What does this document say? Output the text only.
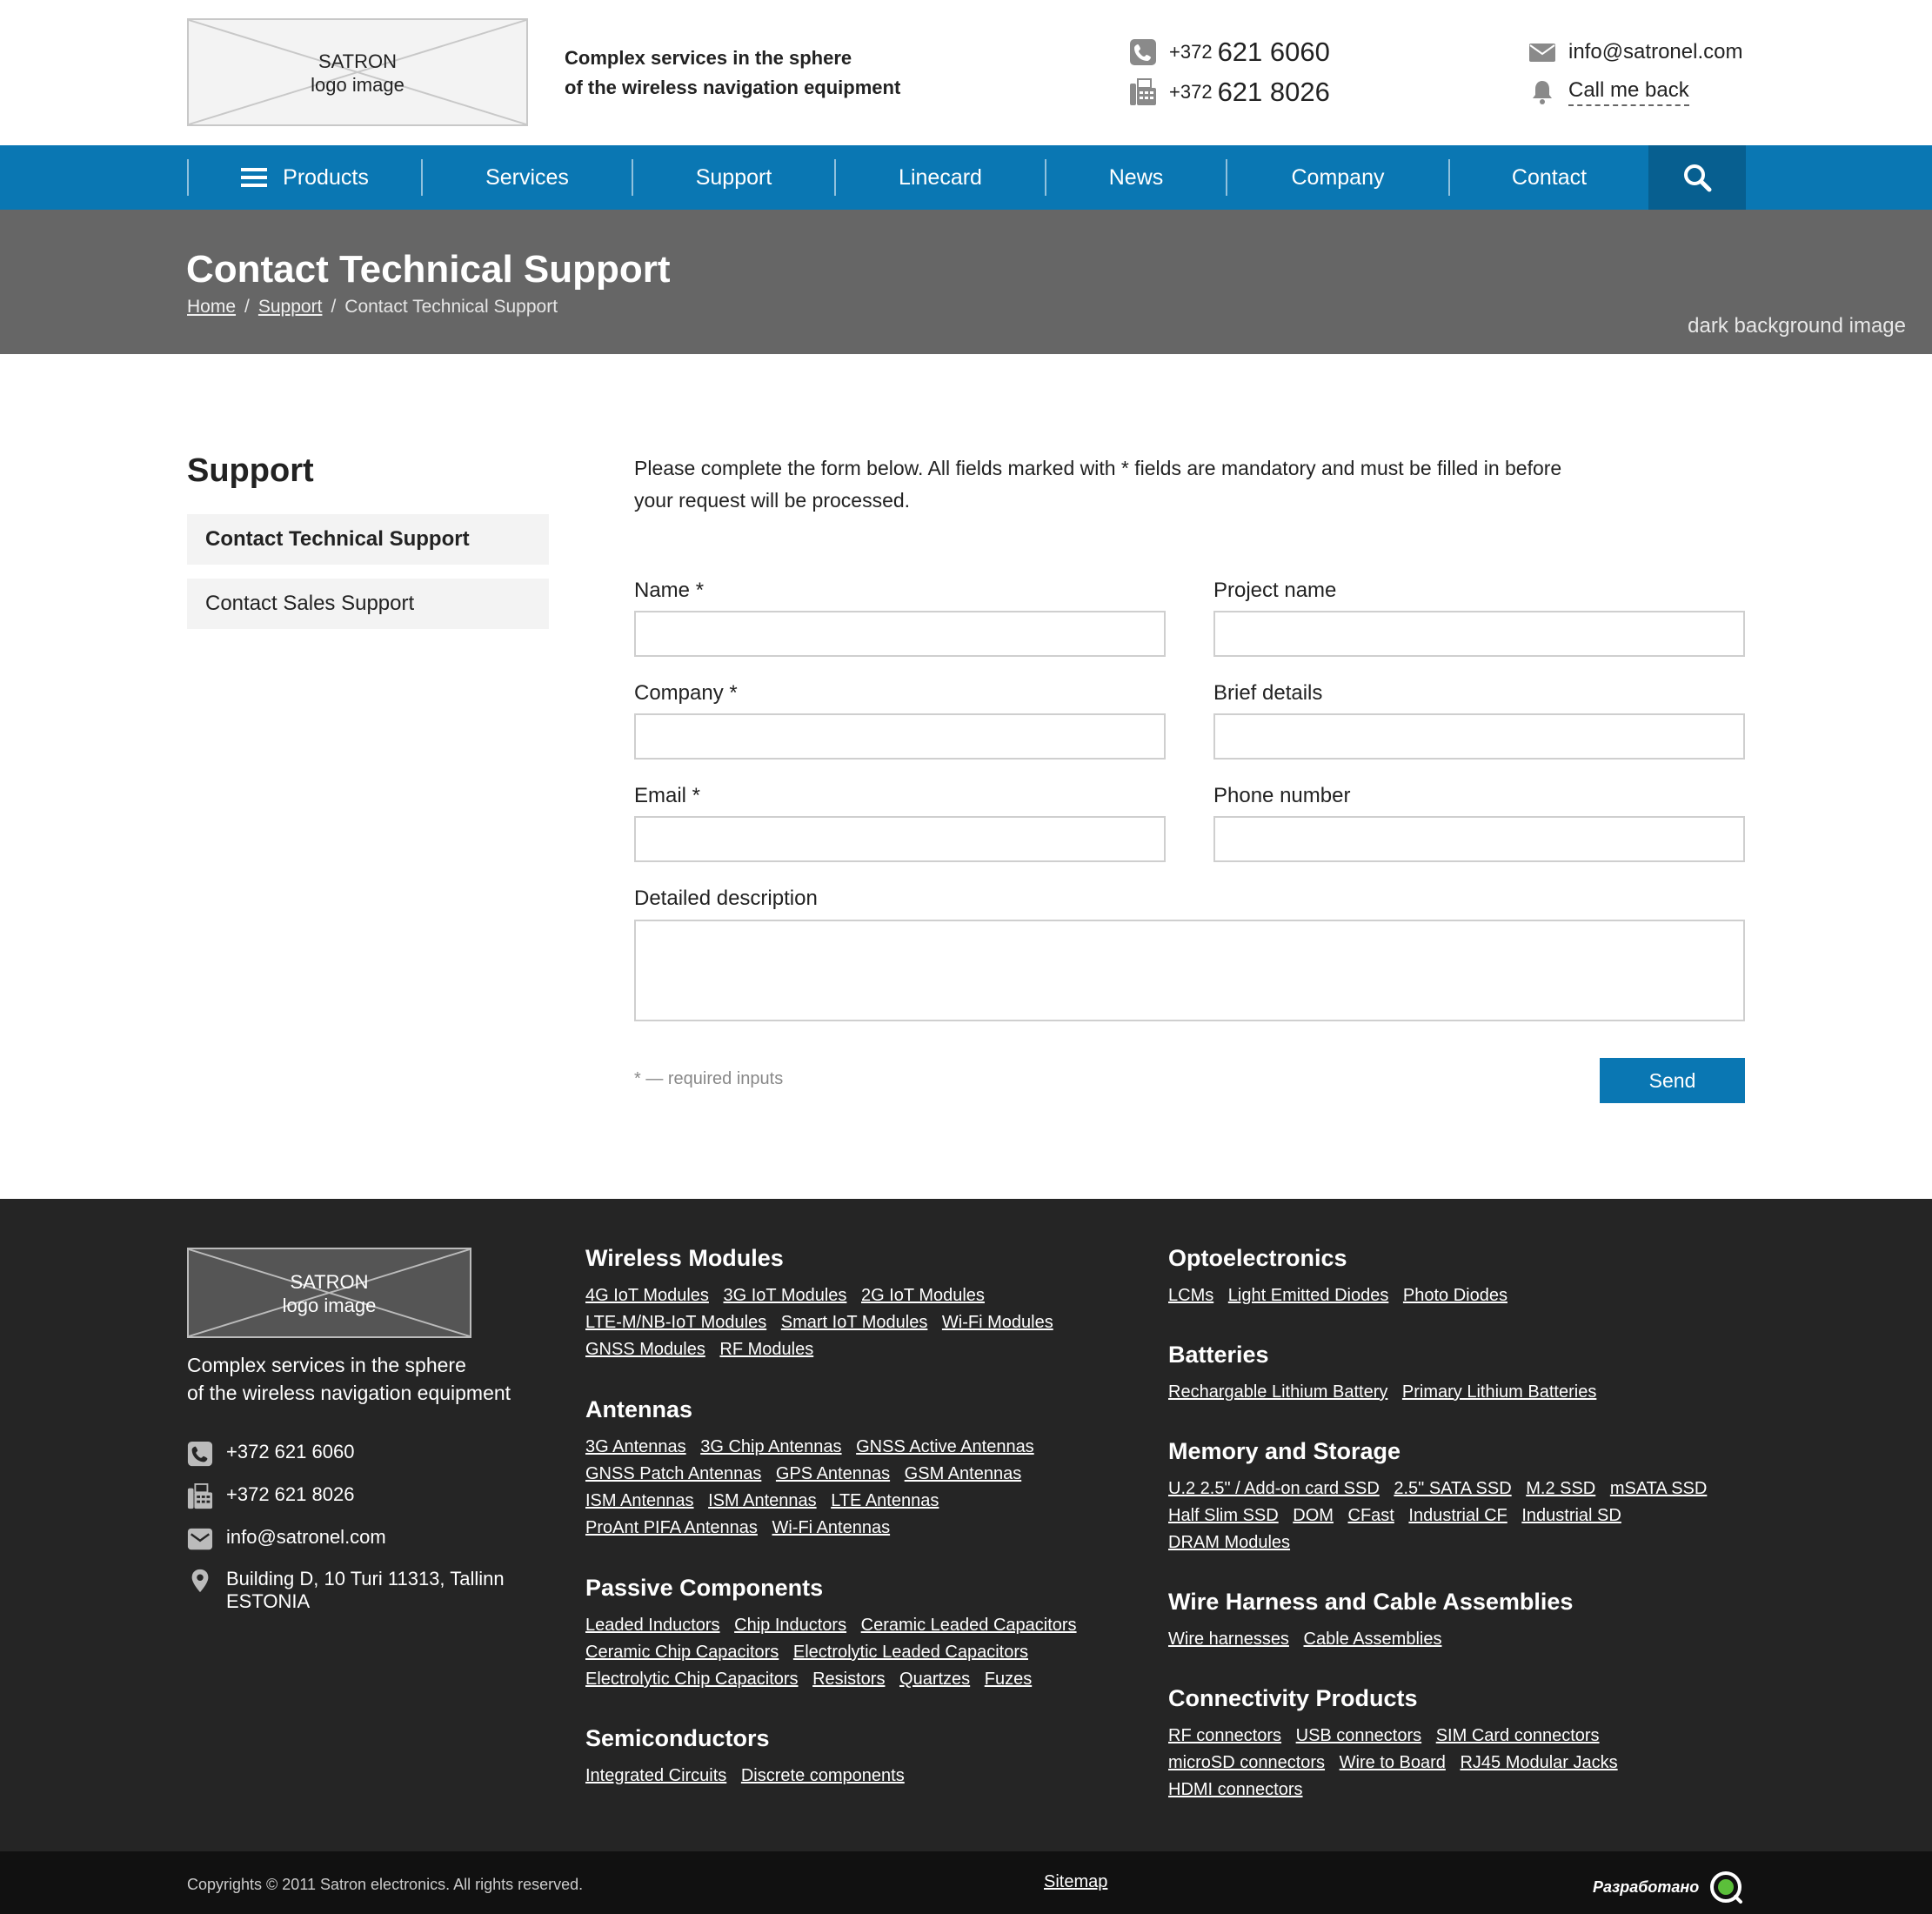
SATRON
logo image
Complex services in the sphere
of the wireless navigation equipment
+372 621 6060
+372 621 8026
info@satronel.com
Call me back
Products	Services	Support	Linecard	News	Company	Contact
Contact Technical Support
Home / Support / Contact Technical Support
dark background image
Support
Contact Technical Support
Contact Sales Support

Please complete the form below. All fields marked with * fields are mandatory and must be filled in before your request will be processed.

Name *	Project name
Company *	Brief details
Email *	Phone number
Detailed description
* — required inputs	Send
SATRON
logo image
Complex services in the sphere
of the wireless navigation equipment
+372 621 6060
+372 621 8026
info@satronel.com
Building D, 10 Turi 11313, Tallinn
ESTONIA
Wireless Modules
4G IoT Modules 3G IoT Modules 2G IoT Modules
LTE-M/NB-IoT Modules Smart IoT Modules Wi-Fi Modules
GNSS Modules RF Modules
Antennas
3G Antennas 3G Chip Antennas GNSS Active Antennas
GNSS Patch Antennas GPS Antennas GSM Antennas
ISM Antennas ISM Antennas LTE Antennas
ProAnt PIFA Antennas Wi-Fi Antennas
Passive Components
Leaded Inductors Chip Inductors Ceramic Leaded Capacitors
Ceramic Chip Capacitors Electrolytic Leaded Capacitors
Electrolytic Chip Capacitors Resistors Quartzes Fuzes
Semiconductors
Integrated Circuits Discrete components
Optoelectronics
LCMs Light Emitted Diodes Photo Diodes
Batteries
Rechargable Lithium Battery Primary Lithium Batteries
Memory and Storage
U.2 2.5" / Add-on card SSD 2.5" SATA SSD M.2 SSD mSATA SSD
Half Slim SSD DOM CFast Industrial CF Industrial SD
DRAM Modules
Wire Harness and Cable Assemblies
Wire harnesses Cable Assemblies
Connectivity Products
RF connectors USB connectors SIM Card connectors
microSD connectors Wire to Board RJ45 Modular Jacks
HDMI connectors
Copyrights © 2011 Satron electronics. All rights reserved.	Sitemap	Разработано
